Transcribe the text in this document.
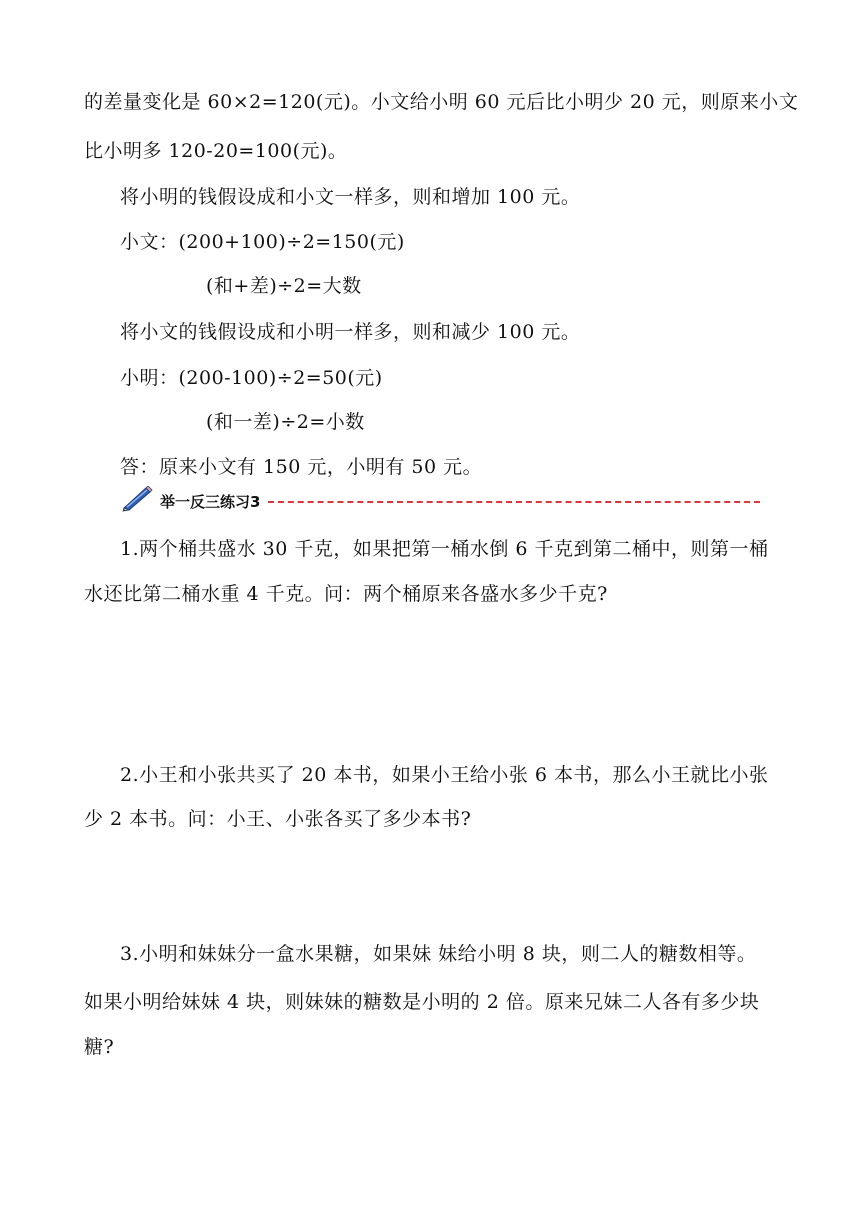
的差量变化是 60×2=120(元)。小文给小明 60 元后比小明少 20 元，则原来小文
比小明多 120-20=100(元)。
将小明的钱假设成和小文一样多，则和增加 100 元。
小文：(200+100)÷2=150(元)
(和+差)÷2=大数
将小文的钱假设成和小明一样多，则和减少 100 元。
小明：(200-100)÷2=50(元)
(和一差)÷2=小数
答：原来小文有 150 元，小明有 50 元。
举一反三练习3
1.两个桶共盛水 30 千克，如果把第一桶水倒 6 千克到第二桶中，则第一桶
水还比第二桶水重 4 千克。问：两个桶原来各盛水多少千克?
2.小王和小张共买了 20 本书，如果小王给小张 6 本书，那么小王就比小张
少 2 本书。问：小王、小张各买了多少本书?
3.小明和妹妹分一盒水果糖，如果妹 妹给小明 8 块，则二人的糖数相等。
如果小明给妹妹 4 块，则妹妹的糖数是小明的 2 倍。原来兄妹二人各有多少块
糖?
